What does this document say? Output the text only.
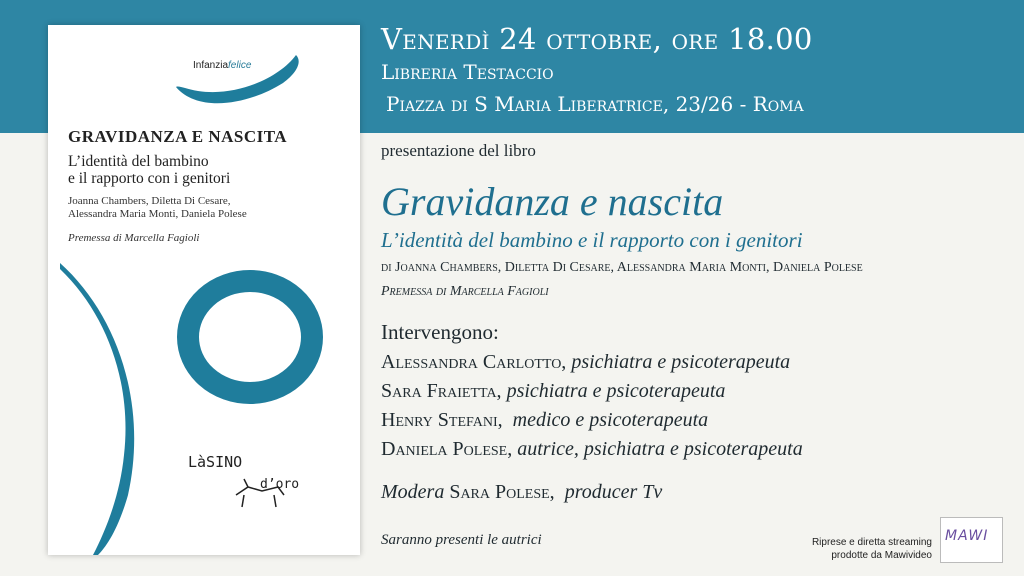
Infanziafelice
GRAVIDANZA E NASCITA
L’identità del bambino
e il rapporto con i genitori
Joanna Chambers, Diletta Di Cesare,
Alessandra Maria Monti, Daniela Polese
Premessa di Marcella Fagioli
LàSINO
d’oro
Venerdì 24 ottobre, ore 18.00
Libreria Testaccio
Piazza di S Maria Liberatrice, 23/26 - Roma
presentazione del libro
Gravidanza e nascita
L’identità del bambino e il rapporto con i genitori
di Joanna Chambers, Diletta Di Cesare, Alessandra Maria Monti, Daniela Polese
Premessa di Marcella Fagioli
Intervengono:
Alessandra Carlotto, psichiatra e psicoterapeuta
Sara Fraietta, psichiatra e psicoterapeuta
Henry Stefani, medico e psicoterapeuta
Daniela Polese, autrice, psichiatra e psicoterapeuta
Modera Sara Polese, producer Tv
Saranno presenti le autrici	Riprese e diretta streaming
prodotte da Mawivideo
MAWI
